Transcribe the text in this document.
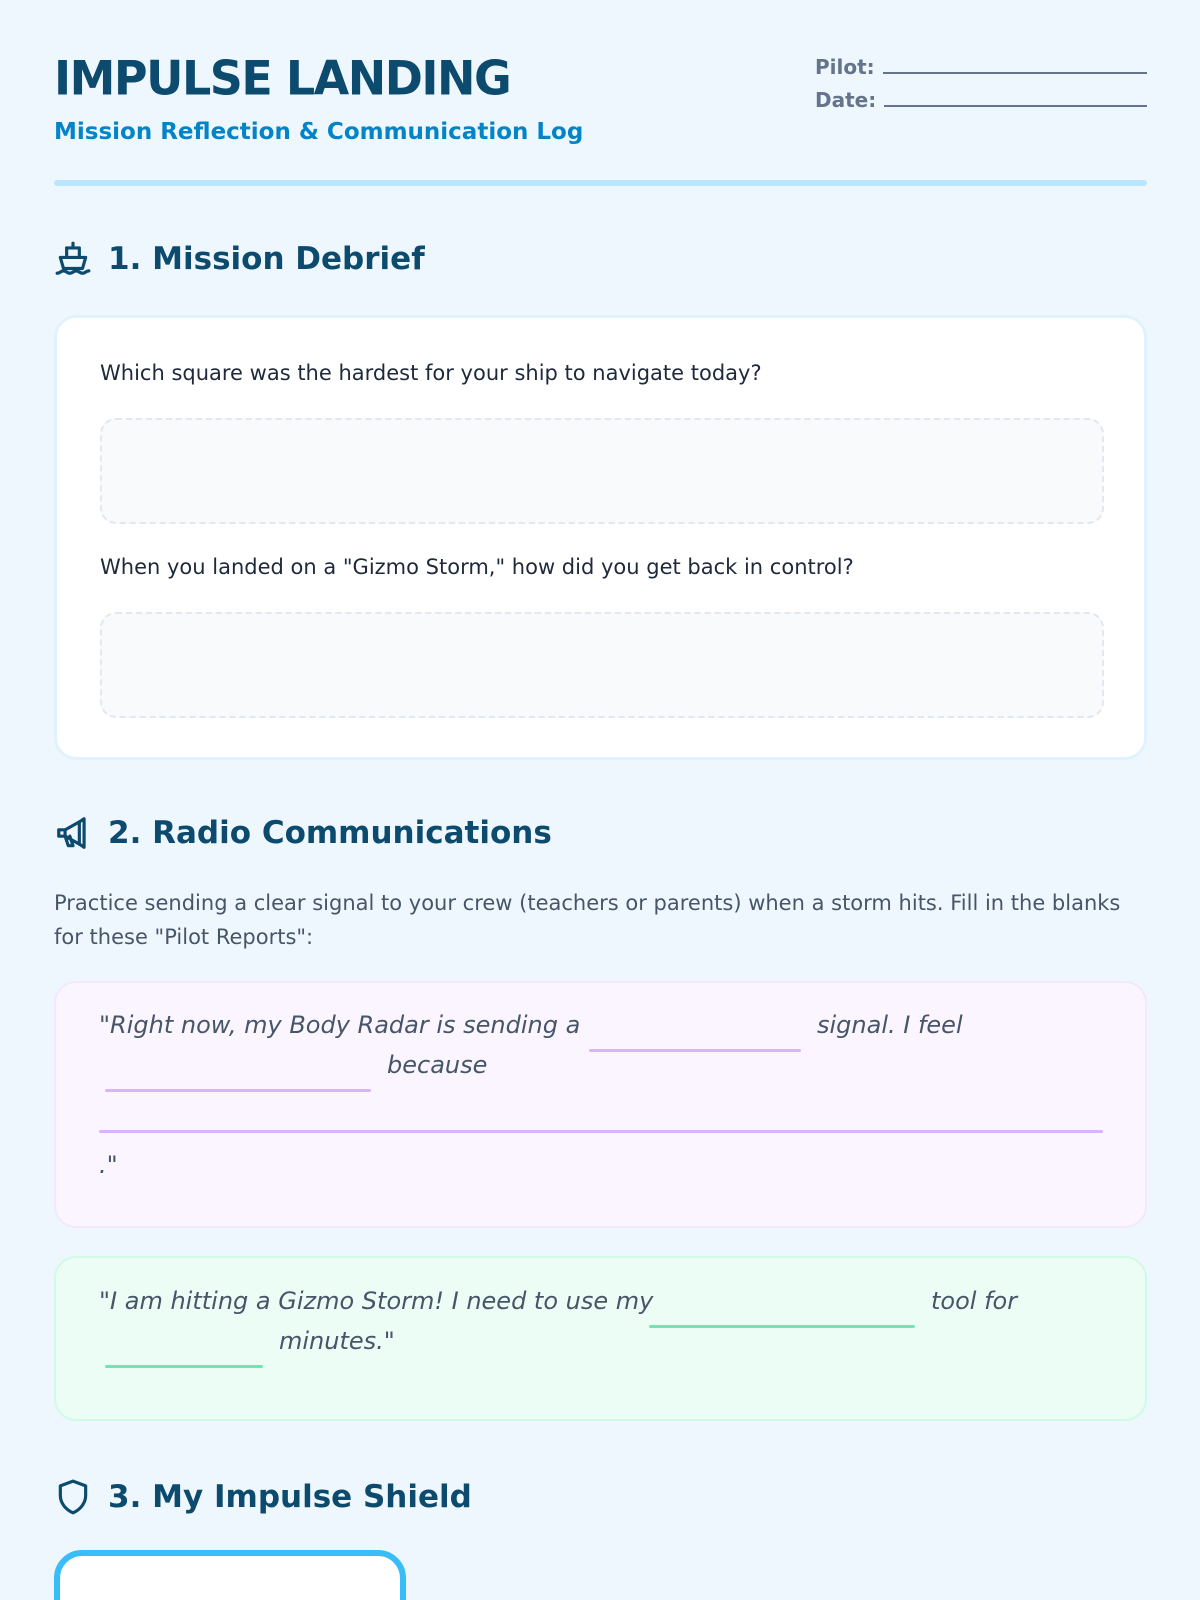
IMPULSE LANDING
Mission Reflection & Communication Log
Pilot:
Date:
1. Mission Debrief
Which square was the hardest for your ship to navigate today?
When you landed on a "Gizmo Storm," how did you get back in control?
2. Radio Communications
Practice sending a clear signal to your crew (teachers or parents) when a storm hits. Fill in the blanks for these "Pilot Reports":
"Right now, my Body Radar is sending a	signal. I feel
because
."
"I am hitting a Gizmo Storm! I need to use my	tool for
minutes."
3. My Impulse Shield
